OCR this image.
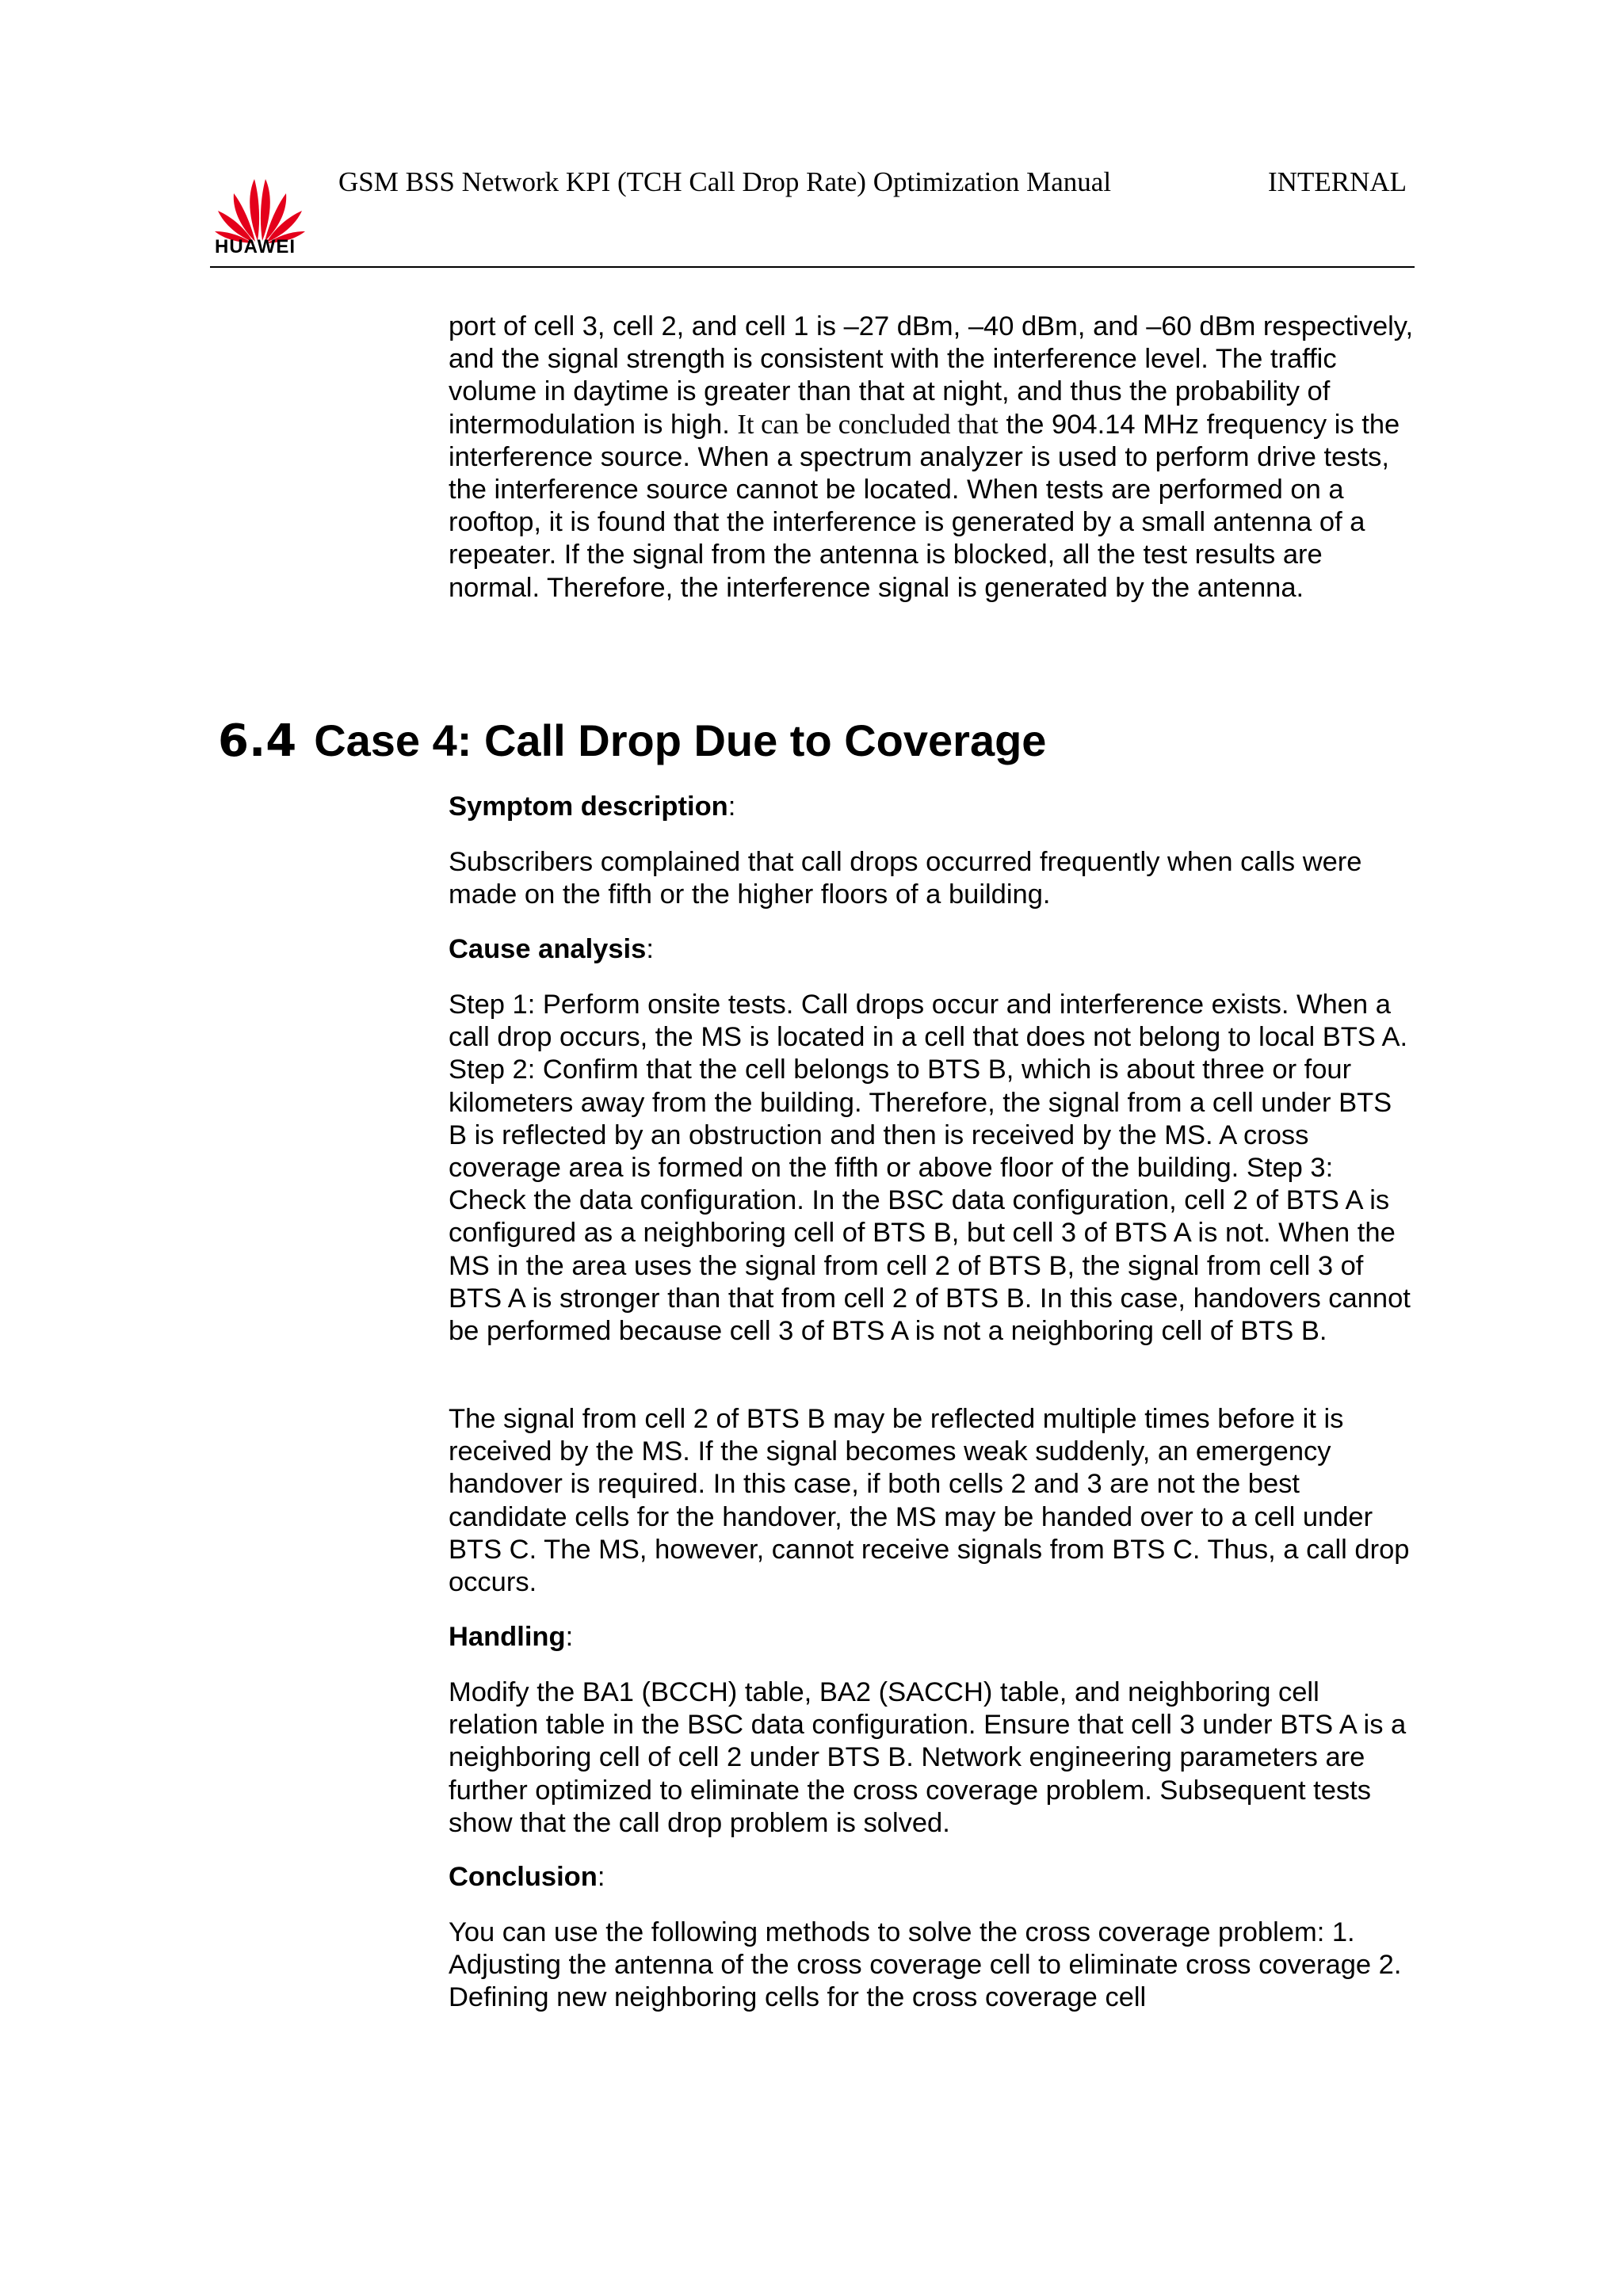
HUAWEI
GSM BSS Network KPI (TCH Call Drop Rate) Optimization Manual	INTERNAL

port of cell 3, cell 2, and cell 1 is –27 dBm, –40 dBm, and –60 dBm respectively, and the signal strength is consistent with the interference level. The traffic volume in daytime is greater than that at night, and thus the probability of intermodulation is high. It can be concluded that the 904.14 MHz frequency is the interference source. When a spectrum analyzer is used to perform drive tests, the interference source cannot be located. When tests are performed on a rooftop, it is found that the interference is generated by a small antenna of a repeater. If the signal from the antenna is blocked, all the test results are normal. Therefore, the interference signal is generated by the antenna.

6.4 Case 4: Call Drop Due to Coverage

Symptom description:

Subscribers complained that call drops occurred frequently when calls were made on the fifth or the higher floors of a building.

Cause analysis:

Step 1: Perform onsite tests. Call drops occur and interference exists. When a call drop occurs, the MS is located in a cell that does not belong to local BTS A. Step 2: Confirm that the cell belongs to BTS B, which is about three or four kilometers away from the building. Therefore, the signal from a cell under BTS B is reflected by an obstruction and then is received by the MS. A cross coverage area is formed on the fifth or above floor of the building. Step 3: Check the data configuration. In the BSC data configuration, cell 2 of BTS A is configured as a neighboring cell of BTS B, but cell 3 of BTS A is not. When the MS in the area uses the signal from cell 2 of BTS B, the signal from cell 3 of BTS A is stronger than that from cell 2 of BTS B. In this case, handovers cannot be performed because cell 3 of BTS A is not a neighboring cell of BTS B.

The signal from cell 2 of BTS B may be reflected multiple times before it is received by the MS. If the signal becomes weak suddenly, an emergency handover is required. In this case, if both cells 2 and 3 are not the best candidate cells for the handover, the MS may be handed over to a cell under BTS C. The MS, however, cannot receive signals from BTS C. Thus, a call drop occurs.

Handling:

Modify the BA1 (BCCH) table, BA2 (SACCH) table, and neighboring cell relation table in the BSC data configuration. Ensure that cell 3 under BTS A is a neighboring cell of cell 2 under BTS B. Network engineering parameters are further optimized to eliminate the cross coverage problem. Subsequent tests show that the call drop problem is solved.

Conclusion:

You can use the following methods to solve the cross coverage problem: 1. Adjusting the antenna of the cross coverage cell to eliminate cross coverage 2. Defining new neighboring cells for the cross coverage cell
